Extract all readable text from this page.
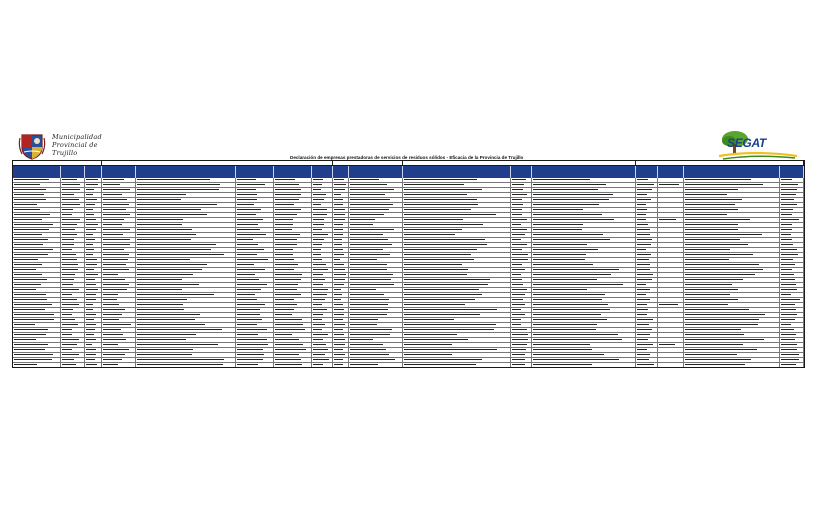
Municipalidad
Provincial de
Trujillo
SEGAT
Declaración de empresas prestadoras de servicios de residuos sólidos - Eficacia de la Provincia de Trujillo
